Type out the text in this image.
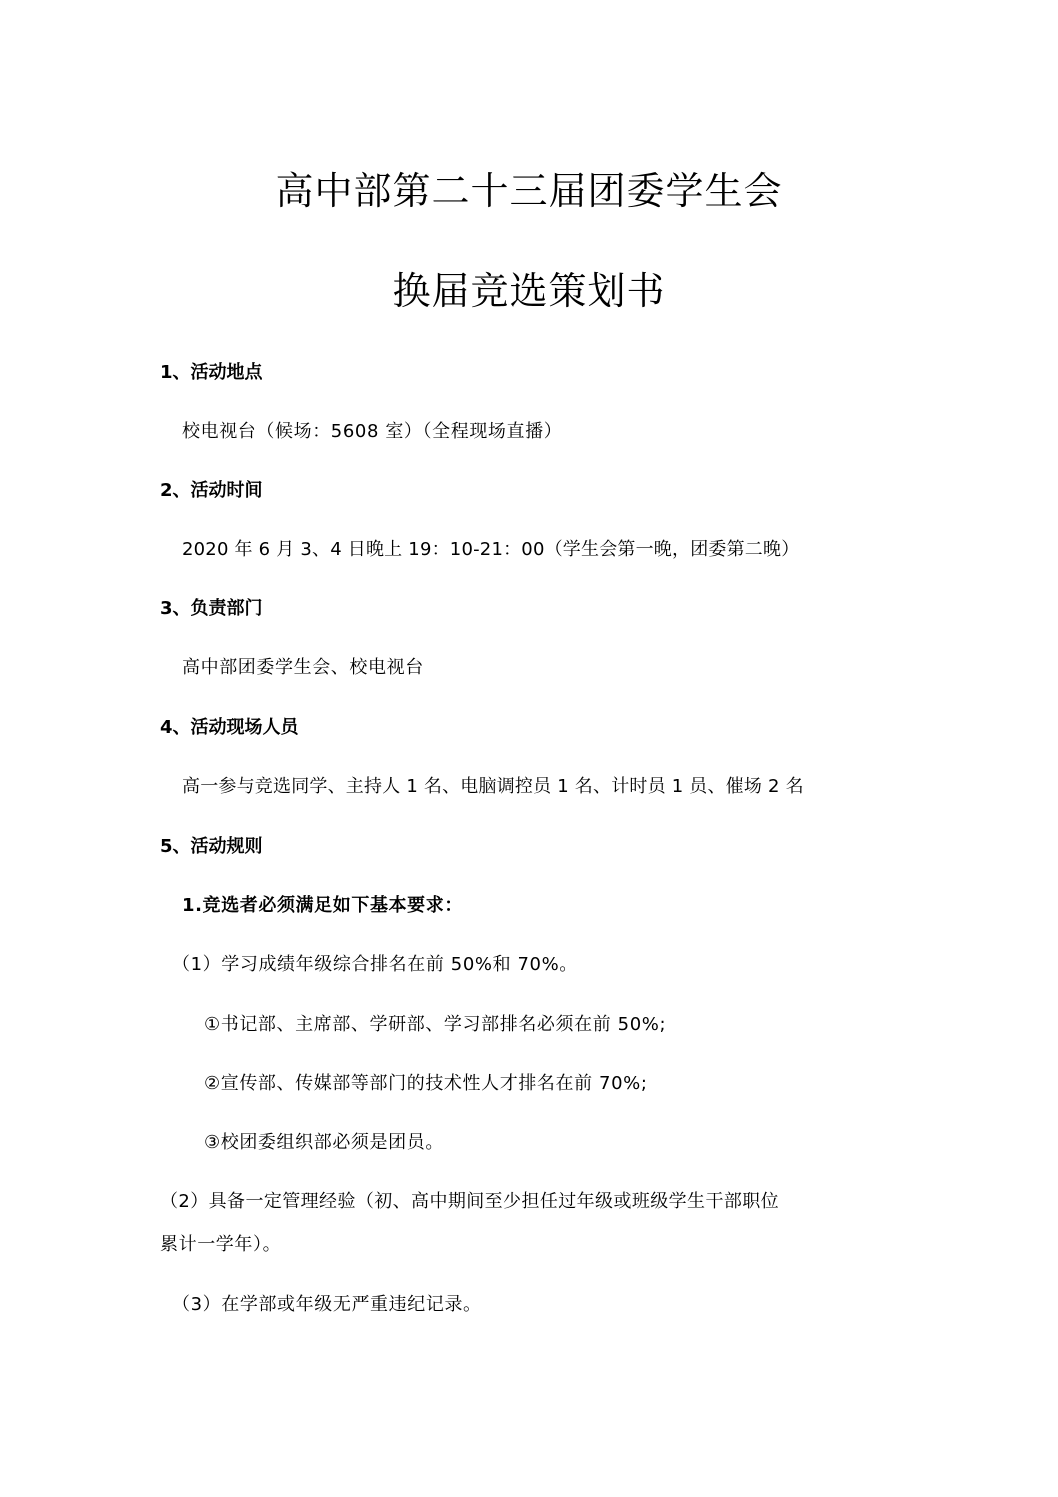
高中部第二十三届团委学生会
换届竞选策划书
1、活动地点
校电视台（候场：5608 室）（全程现场直播）
2、活动时间
2020 年 6 月 3、4 日晚上 19：10-21：00（学生会第一晚，团委第二晚）
3、负责部门
高中部团委学生会、校电视台
4、活动现场人员
高一参与竞选同学、主持人 1 名、电脑调控员 1 名、计时员 1 员、催场 2 名
5、活动规则
1.竞选者必须满足如下基本要求：
（1）学习成绩年级综合排名在前 50%和 70%。
①书记部、主席部、学研部、学习部排名必须在前 50%;
②宣传部、传媒部等部门的技术性人才排名在前 70%;
③校团委组织部必须是团员。
（2）具备一定管理经验（初、高中期间至少担任过年级或班级学生干部职位
累计一学年）。
（3）在学部或年级无严重违纪记录。
